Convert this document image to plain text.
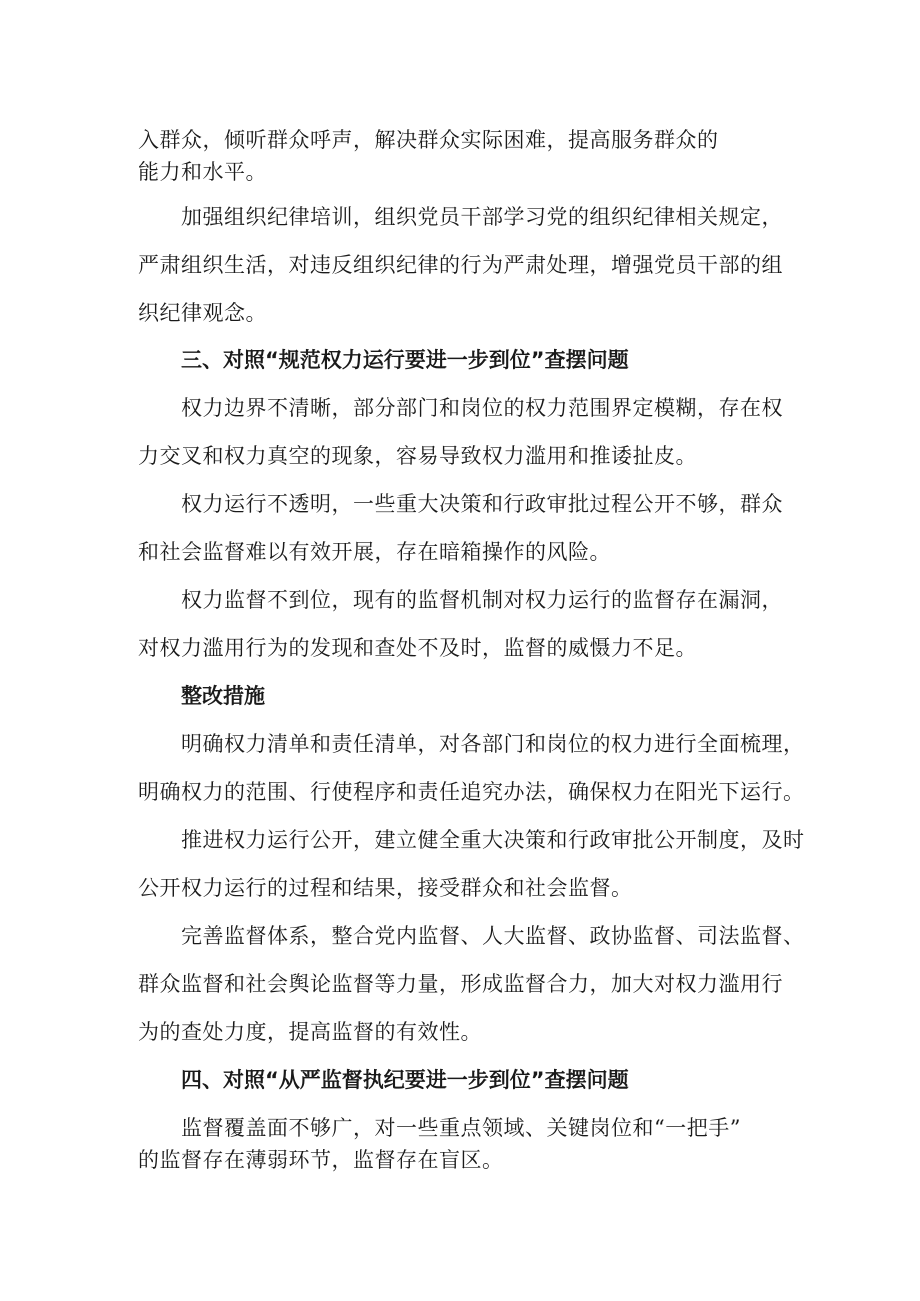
入群众，倾听群众呼声，解决群众实际困难，提高服务群众的
能力和水平。
加强组织纪律培训，组织党员干部学习党的组织纪律相关规定，
严肃组织生活，对违反组织纪律的行为严肃处理，增强党员干部的组
织纪律观念。
三、对照“规范权力运行要进一步到位”查摆问题
权力边界不清晰，部分部门和岗位的权力范围界定模糊，存在权
力交叉和权力真空的现象，容易导致权力滥用和推诿扯皮。
权力运行不透明，一些重大决策和行政审批过程公开不够，群众
和社会监督难以有效开展，存在暗箱操作的风险。
权力监督不到位，现有的监督机制对权力运行的监督存在漏洞，
对权力滥用行为的发现和查处不及时，监督的威慑力不足。
整改措施
明确权力清单和责任清单，对各部门和岗位的权力进行全面梳理，
明确权力的范围、行使程序和责任追究办法，确保权力在阳光下运行。
推进权力运行公开，建立健全重大决策和行政审批公开制度，及时
公开权力运行的过程和结果，接受群众和社会监督。
完善监督体系，整合党内监督、人大监督、政协监督、司法监督、
群众监督和社会舆论监督等力量，形成监督合力，加大对权力滥用行
为的查处力度，提高监督的有效性。
四、对照“从严监督执纪要进一步到位”查摆问题
监督覆盖面不够广，对一些重点领域、关键岗位和“一把手”
的监督存在薄弱环节，监督存在盲区。
